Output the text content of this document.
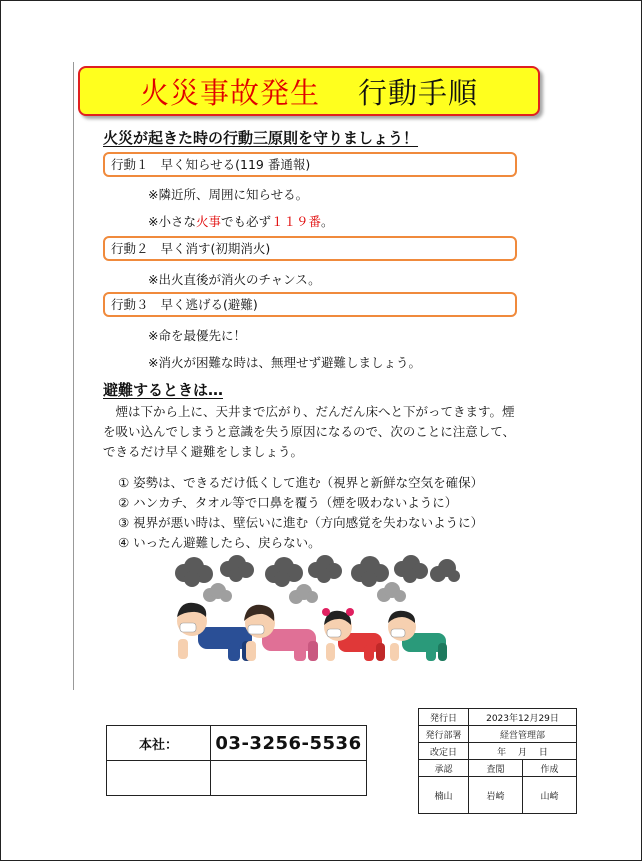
火災事故発生 行動手順
火災が起きた時の行動三原則を守りましょう！
行動１ 早く知らせる(119 番通報)
※隣近所、周囲に知らせる。
※小さな火事でも必ず１１９番。
行動２ 早く消す(初期消火)
※出火直後が消火のチャンス。
行動３ 早く逃げる(避難)
※命を最優先に！
※消火が困難な時は、無理せず避難しましょう。
避難するときは…
煙は下から上に、天井まで広がり、だんだん床へと下がってきます。煙を吸い込んでしまうと意識を失う原因になるので、次のことに注意して、できるだけ早く避難をしましょう。
① 姿勢は、できるだけ低くして進む（視界と新鮮な空気を確保）
② ハンカチ、タオル等で口鼻を覆う（煙を吸わないように）
③ 視界が悪い時は、壁伝いに進む（方向感覚を失わないように）
④ いったん避難したら、戻らない。
本社：	03-3256-5536

発行日	2023年12月29日	
発行部署	経営管理部	
改定日	年　 月　 日	
承認	査閲	作成
楠山	岩崎	山崎
